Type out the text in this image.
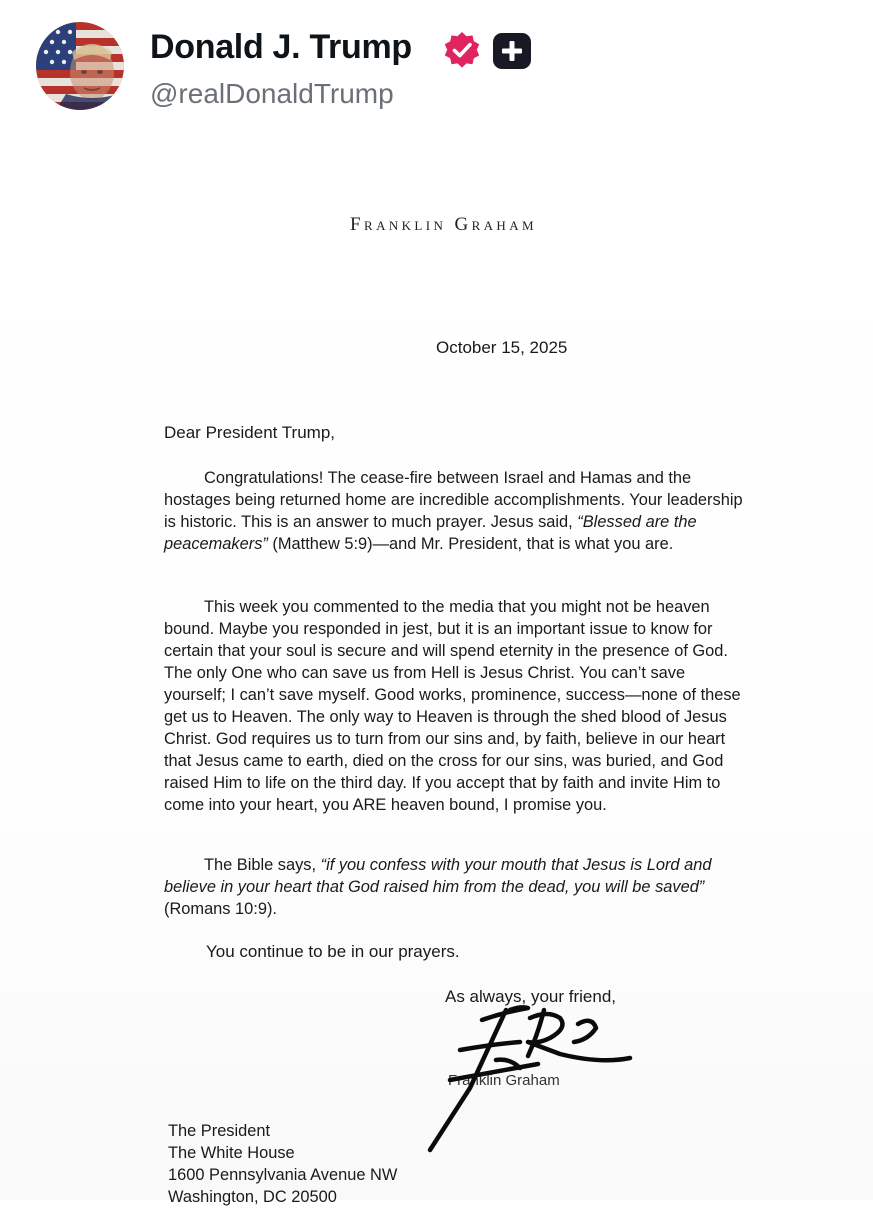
Donald J. Trump
@realDonaldTrump
Franklin Graham
October 15, 2025
Dear President Trump,

Congratulations! The cease-fire between Israel and Hamas and the hostages being returned home are incredible accomplishments. Your leadership is historic. This is an answer to much prayer. Jesus said, “Blessed are the peacemakers” (Matthew 5:9)—and Mr. President, that is what you are.

This week you commented to the media that you might not be heaven bound. Maybe you responded in jest, but it is an important issue to know for certain that your soul is secure and will spend eternity in the presence of God. The only One who can save us from Hell is Jesus Christ. You can’t save yourself; I can’t save myself. Good works, prominence, success—none of these get us to Heaven. The only way to Heaven is through the shed blood of Jesus Christ. God requires us to turn from our sins and, by faith, believe in our heart that Jesus came to earth, died on the cross for our sins, was buried, and God raised Him to life on the third day. If you accept that by faith and invite Him to come into your heart, you ARE heaven bound, I promise you.

The Bible says, “if you confess with your mouth that Jesus is Lord and believe in your heart that God raised him from the dead, you will be saved” (Romans 10:9).

You continue to be in our prayers.
As always, your friend,
Franklin Graham
The President
The White House
1600 Pennsylvania Avenue NW
Washington, DC 20500
